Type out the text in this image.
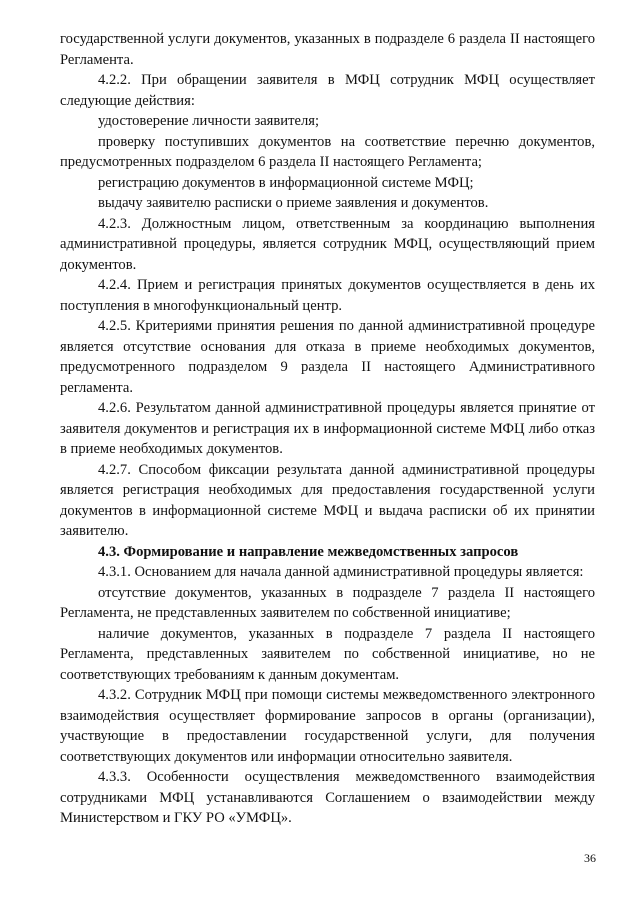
государственной услуги документов, указанных в подразделе 6 раздела II настоящего Регламента.

4.2.2. При обращении заявителя в МФЦ сотрудник МФЦ осуществляет следующие действия:

удостоверение личности заявителя;

проверку поступивших документов на соответствие перечню документов, предусмотренных подразделом 6 раздела II настоящего Регламента;

регистрацию документов в информационной системе МФЦ;

выдачу заявителю расписки о приеме заявления и документов.

4.2.3. Должностным лицом, ответственным за координацию выполнения административной процедуры, является сотрудник МФЦ, осуществляющий прием документов.

4.2.4. Прием и регистрация принятых документов осуществляется в день их поступления в многофункциональный центр.

4.2.5. Критериями принятия решения по данной административной процедуре является отсутствие основания для отказа в приеме необходимых документов, предусмотренного подразделом 9 раздела II настоящего Административного регламента.

4.2.6. Результатом данной административной процедуры является принятие от заявителя документов и регистрация их в информационной системе МФЦ либо отказ в приеме необходимых документов.

4.2.7. Способом фиксации результата данной административной процедуры является регистрация необходимых для предоставления государственной услуги документов в информационной системе МФЦ и выдача расписки об их принятии заявителю.

4.3. Формирование и направление межведомственных запросов

4.3.1. Основанием для начала данной административной процедуры является:

отсутствие документов, указанных в подразделе 7 раздела II настоящего Регламента, не представленных заявителем по собственной инициативе;

наличие документов, указанных в подразделе 7 раздела II настоящего Регламента, представленных заявителем по собственной инициативе, но не соответствующих требованиям к данным документам.

4.3.2. Сотрудник МФЦ при помощи системы межведомственного электронного взаимодействия осуществляет формирование запросов в органы (организации), участвующие в предоставлении государственной услуги, для получения соответствующих документов или информации относительно заявителя.

4.3.3. Особенности осуществления межведомственного взаимодействия сотрудниками МФЦ устанавливаются Соглашением о взаимодействии между Министерством и ГКУ РО «УМФЦ».

36
